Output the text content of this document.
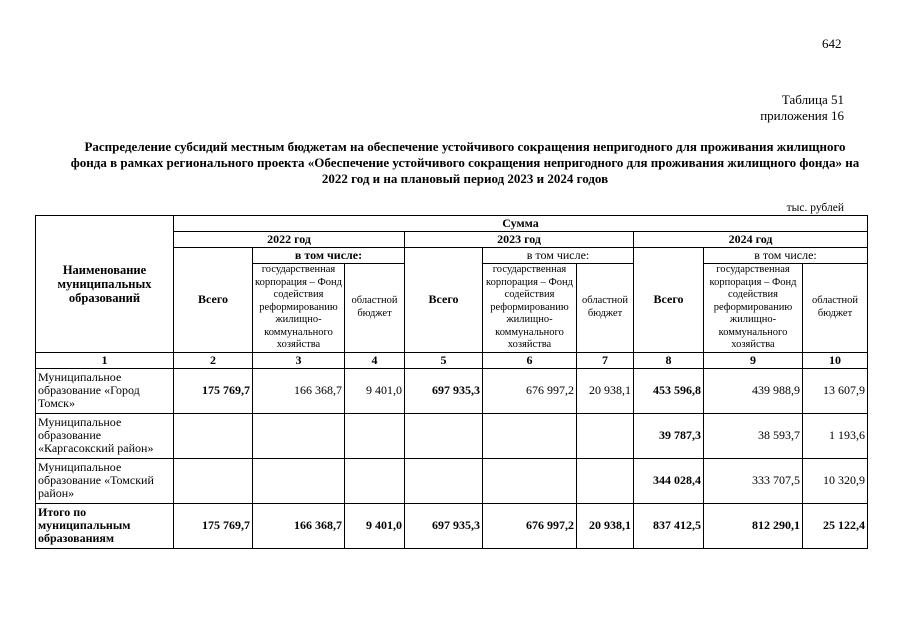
642
Таблица 51
приложения 16
Распределение субсидий местным бюджетам на обеспечение устойчивого сокращения непригодного для проживания жилищного фонда в рамках регионального проекта «Обеспечение устойчивого сокращения непригодного для проживания жилищного фонда» на 2022 год и на плановый период 2023 и 2024 годов
тыс. рублей
Наименование муниципальных образований	Сумма								
	2022 год			2023 год			2024 год		
	Всего	в том числе:		Всего	в том числе:		Всего	в том числе:	
		государственная корпорация – Фонд содействия реформированию жилищно-коммунального хозяйства	областной бюджет		государственная корпорация – Фонд содействия реформированию жилищно-коммунального хозяйства	областной бюджет		государственная корпорация – Фонд содействия реформированию жилищно-коммунального хозяйства	областной бюджет
1	2	3	4	5	6	7	8	9	10
Муниципальное образование «Город Томск»	175 769,7	166 368,7	9 401,0	697 935,3	676 997,2	20 938,1	453 596,8	439 988,9	13 607,9
Муниципальное образование «Каргасокский район»							39 787,3	38 593,7	1 193,6
Муниципальное образование «Томский район»							344 028,4	333 707,5	10 320,9
Итого по муниципальным образованиям	175 769,7	166 368,7	9 401,0	697 935,3	676 997,2	20 938,1	837 412,5	812 290,1	25 122,4
